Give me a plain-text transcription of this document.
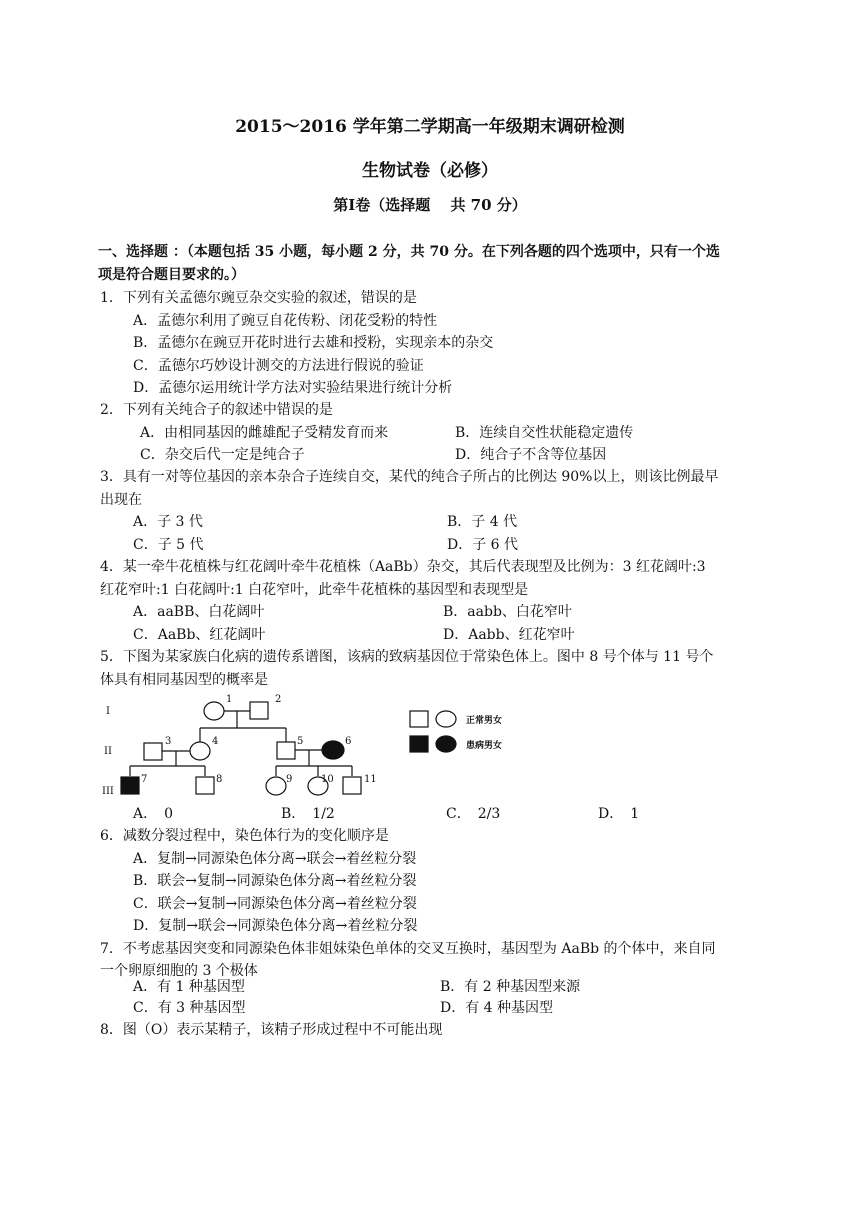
2015～2016 学年第二学期高一年级期末调研检测
生物试卷（必修）
第Ⅰ卷（选择题　 共 70 分）
一、选择题 ：（本题包括 35 小题，每小题 2 分，共 70 分。在下列各题的四个选项中，只有一个选
项是符合题目要求的。）
1．下列有关孟德尔豌豆杂交实验的叙述，错误的是
A．孟德尔利用了豌豆自花传粉、闭花受粉的特性
B．孟德尔在豌豆开花时进行去雄和授粉，实现亲本的杂交
C．孟德尔巧妙设计测交的方法进行假说的验证
D．孟德尔运用统计学方法对实验结果进行统计分析
2．下列有关纯合子的叙述中错误的是
A．由相同基因的雌雄配子受精发育而来	B．连续自交性状能稳定遗传
C．杂交后代一定是纯合子	D．纯合子不含等位基因
3．具有一对等位基因的亲本杂合子连续自交，某代的纯合子所占的比例达 90%以上，则该比例最早
出现在
A．子 3 代	B．子 4 代
C．子 5 代	D．子 6 代
4．某一牵牛花植株与红花阔叶牵牛花植株（AaBb）杂交，其后代表现型及比例为：3 红花阔叶:3
红花窄叶:1 白花阔叶:1 白花窄叶，此牵牛花植株的基因型和表现型是
A．aaBB、白花阔叶	B．aabb、白花窄叶
C．AaBb、红花阔叶	D．Aabb、红花窄叶
5．下图为某家族白化病的遗传系谱图，该病的致病基因位于常染色体上。图中 8 号个体与 11 号个
体具有相同基因型的概率是
I
II
III
1	2
3	4	5	6
7	8	9	10	11
正常男女
患病男女
A．　0	B．　1/2	C．　2/3	D．　1
6．减数分裂过程中，染色体行为的变化顺序是
A．复制→同源染色体分离→联会→着丝粒分裂
B．联会→复制→同源染色体分离→着丝粒分裂
C．联会→复制→同源染色体分离→着丝粒分裂
D．复制→联会→同源染色体分离→着丝粒分裂
7．不考虑基因突变和同源染色体非姐妹染色单体的交叉互换时，基因型为 AaBb 的个体中，来自同
一个卵原细胞的 3 个极体
A．有 1 种基因型	B．有 2 种基因型来源
C．有 3 种基因型	D．有 4 种基因型
8．图（O）表示某精子，该精子形成过程中不可能出现
